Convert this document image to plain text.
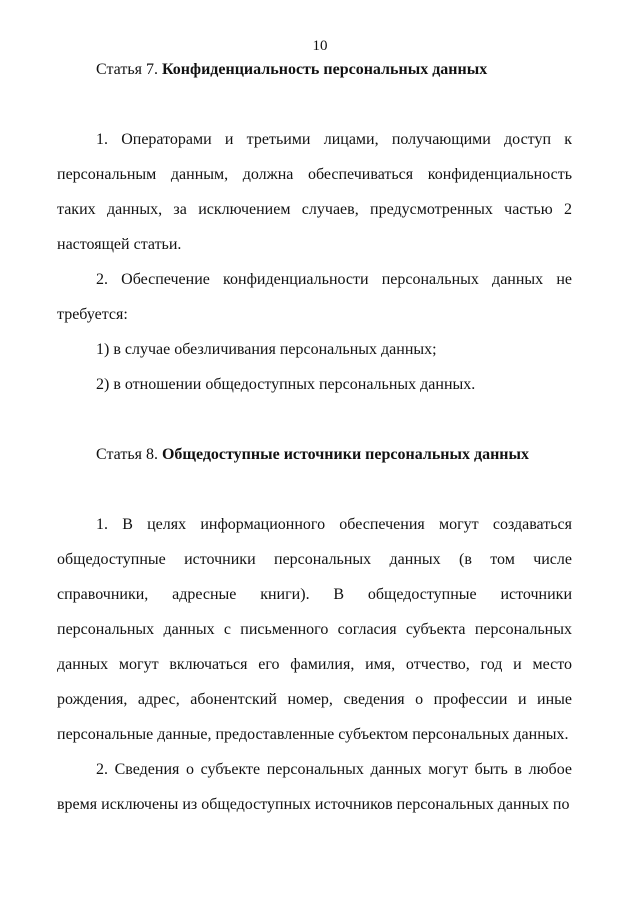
10

Статья 7. Конфиденциальность персональных данных

1. Операторами и третьими лицами, получающими доступ к персональным данным, должна обеспечиваться конфиденциальность таких данных, за исключением случаев, предусмотренных частью 2 настоящей статьи.

2. Обеспечение конфиденциальности персональных данных не требуется:

1) в случае обезличивания персональных данных;

2) в отношении общедоступных персональных данных.

Статья 8. Общедоступные источники персональных данных

1. В целях информационного обеспечения могут создаваться общедоступные источники персональных данных (в том числе справочники, адресные книги). В общедоступные источники персональных данных с письменного согласия субъекта персональных данных могут включаться его фамилия, имя, отчество, год и место рождения, адрес, абонентский номер, сведения о профессии и иные персональные данные, предоставленные субъектом персональных данных.

2. Сведения о субъекте персональных данных могут быть в любое время исключены из общедоступных источников персональных данных по
